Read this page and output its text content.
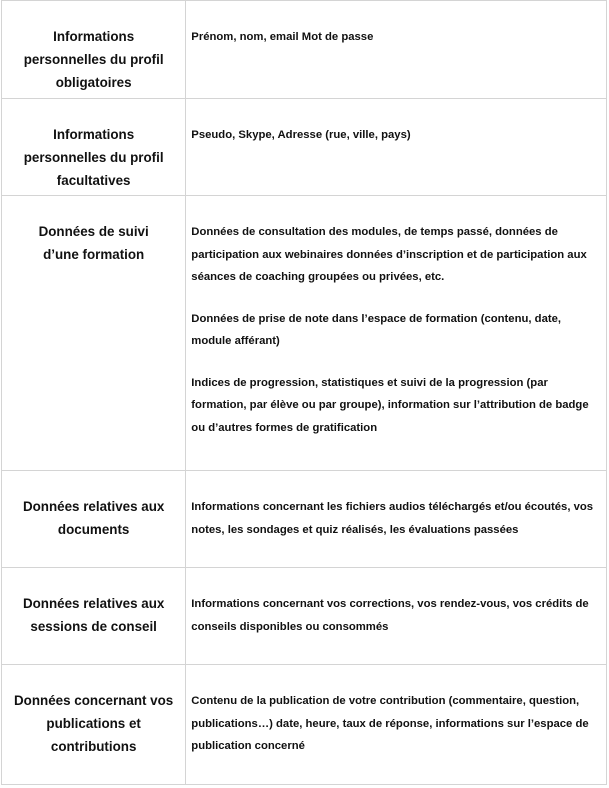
Informations personnelles du profil obligatoires	Prénom, nom, email Mot de passe

Informations personnelles du profil facultatives	Pseudo, Skype, Adresse (rue, ville, pays)

Données de suivi d’une formation	Données de consultation des modules, de temps passé, données de participation aux webinaires données d’inscription et de participation aux séances de coaching groupées ou privées, etc.

Données de prise de note dans l’espace de formation (contenu, date, module afférant)

Indices de progression, statistiques et suivi de la progression (par formation, par élève ou par groupe), information sur l’attribution de badge ou d’autres formes de gratification

Données relatives aux documents	Informations concernant les fichiers audios téléchargés et/ou écoutés, vos notes, les sondages et quiz réalisés, les évaluations passées

Données relatives aux sessions de conseil	Informations concernant vos corrections, vos rendez-vous, vos crédits de conseils disponibles ou consommés

Données concernant vos publications et contributions	Contenu de la publication de votre contribution (commentaire, question, publications…) date, heure, taux de réponse, informations sur l’espace de publication concerné
